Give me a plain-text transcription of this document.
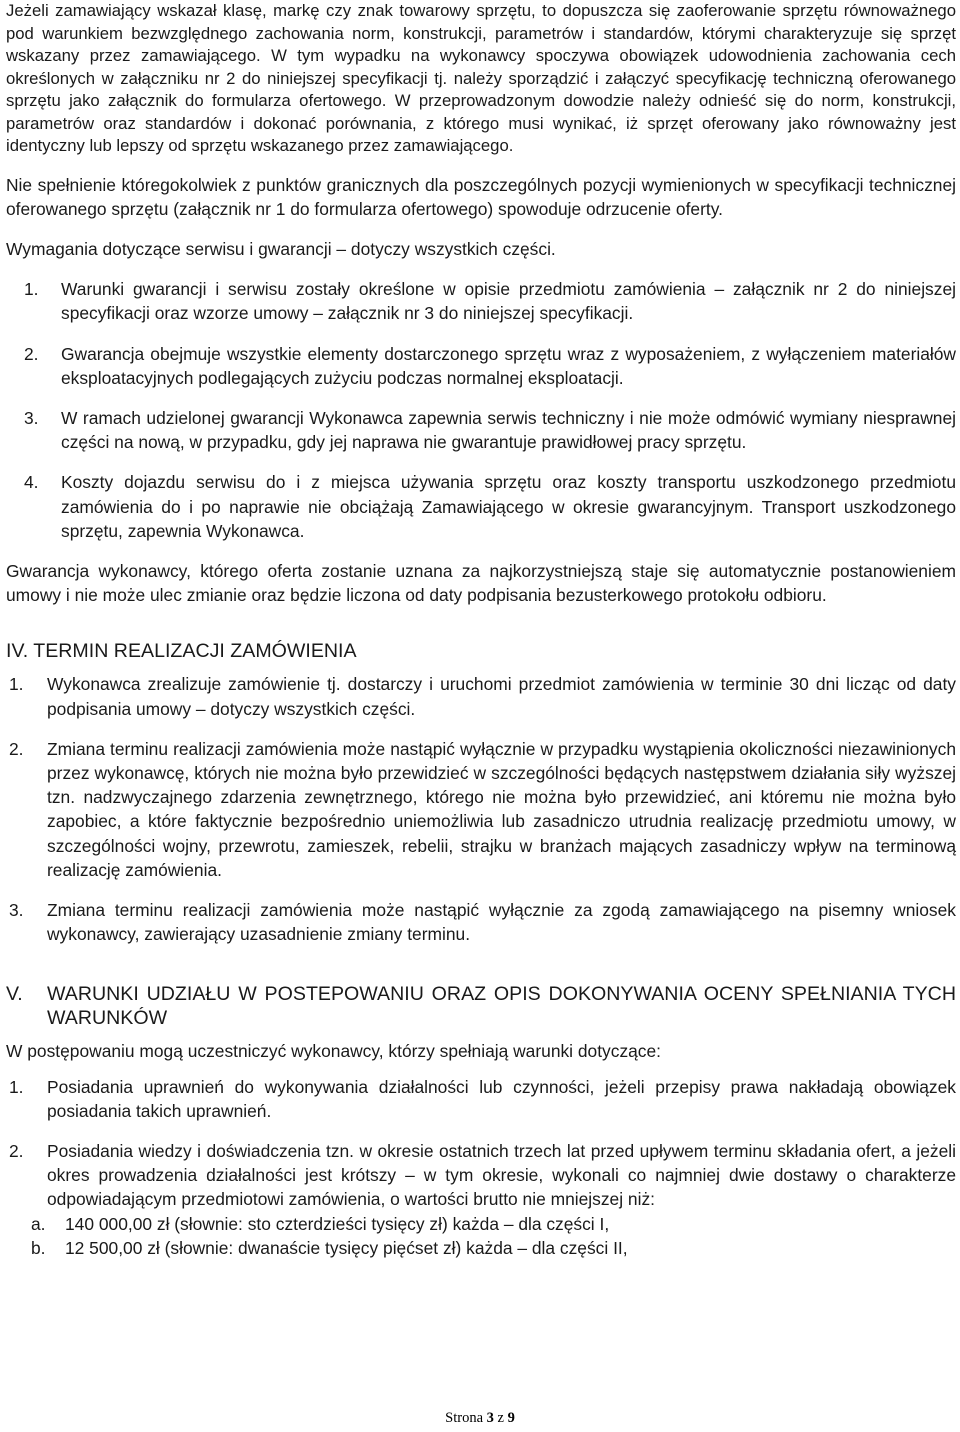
Jeżeli zamawiający wskazał klasę, markę czy znak towarowy sprzętu, to dopuszcza się zaoferowanie sprzętu równoważnego pod warunkiem bezwzględnego zachowania norm, konstrukcji, parametrów i standardów, którymi charakteryzuje się sprzęt wskazany przez zamawiającego. W tym wypadku na wykonawcy spoczywa obowiązek udowodnienia zachowania cech określonych w załączniku nr 2 do niniejszej specyfikacji tj. należy sporządzić i załączyć specyfikację techniczną oferowanego sprzętu jako załącznik do formularza ofertowego. W przeprowadzonym dowodzie należy odnieść się do norm, konstrukcji, parametrów oraz standardów i dokonać porównania, z którego musi wynikać, iż sprzęt oferowany jako równoważny jest identyczny lub lepszy od sprzętu wskazanego przez zamawiającego.

Nie spełnienie któregokolwiek z punktów granicznych dla poszczególnych pozycji wymienionych w specyfikacji technicznej oferowanego sprzętu (załącznik nr 1 do formularza ofertowego) spowoduje odrzucenie oferty.

Wymagania dotyczące serwisu i gwarancji – dotyczy wszystkich części.

1. Warunki gwarancji i serwisu zostały określone w opisie przedmiotu zamówienia – załącznik nr 2 do niniejszej specyfikacji oraz wzorze umowy – załącznik nr 3 do niniejszej specyfikacji.
2. Gwarancja obejmuje wszystkie elementy dostarczonego sprzętu wraz z wyposażeniem, z wyłączeniem materiałów eksploatacyjnych podlegających zużyciu podczas normalnej eksploatacji.
3. W ramach udzielonej gwarancji Wykonawca zapewnia serwis techniczny i nie może odmówić wymiany niesprawnej części na nową, w przypadku, gdy jej naprawa nie gwarantuje prawidłowej pracy sprzętu.
4. Koszty dojazdu serwisu do i z miejsca używania sprzętu oraz koszty transportu uszkodzonego przedmiotu zamówienia do i po naprawie nie obciążają Zamawiającego w okresie gwarancyjnym. Transport uszkodzonego sprzętu, zapewnia Wykonawca.

Gwarancja wykonawcy, którego oferta zostanie uznana za najkorzystniejszą staje się automatycznie postanowieniem umowy i nie może ulec zmianie oraz będzie liczona od daty podpisania bezusterkowego protokołu odbioru.

IV. TERMIN REALIZACJI ZAMÓWIENIA
1. Wykonawca zrealizuje zamówienie tj. dostarczy i uruchomi przedmiot zamówienia w terminie 30 dni licząc od daty podpisania umowy – dotyczy wszystkich części.
2. Zmiana terminu realizacji zamówienia może nastąpić wyłącznie w przypadku wystąpienia okoliczności niezawinionych przez wykonawcę, których nie można było przewidzieć w szczególności będących następstwem działania siły wyższej tzn. nadzwyczajnego zdarzenia zewnętrznego, którego nie można było przewidzieć, ani któremu nie można było zapobiec, a które faktycznie bezpośrednio uniemożliwia lub zasadniczo utrudnia realizację przedmiotu umowy, w szczególności wojny, przewrotu, zamieszek, rebelii, strajku w branżach mających zasadniczy wpływ na terminową realizację zamówienia.
3. Zmiana terminu realizacji zamówienia może nastąpić wyłącznie za zgodą zamawiającego na pisemny wniosek wykonawcy, zawierający uzasadnienie zmiany terminu.
V. WARUNKI UDZIAŁU W POSTEPOWANIU ORAZ OPIS DOKONYWANIA OCENY SPEŁNIANIA TYCH WARUNKÓW

W postępowaniu mogą uczestniczyć wykonawcy, którzy spełniają warunki dotyczące:

1. Posiadania uprawnień do wykonywania działalności lub czynności, jeżeli przepisy prawa nakładają obowiązek posiadania takich uprawnień.
2. Posiadania wiedzy i doświadczenia tzn. w okresie ostatnich trzech lat przed upływem terminu składania ofert, a jeżeli okres prowadzenia działalności jest krótszy – w tym okresie, wykonali co najmniej dwie dostawy o charakterze odpowiadającym przedmiotowi zamówienia, o wartości brutto nie mniejszej niż:
a. 140 000,00 zł (słownie: sto czterdzieści tysięcy zł) każda – dla części I,
b. 12 500,00 zł (słownie: dwanaście tysięcy pięćset zł) każda – dla części II,
Strona 3 z 9
